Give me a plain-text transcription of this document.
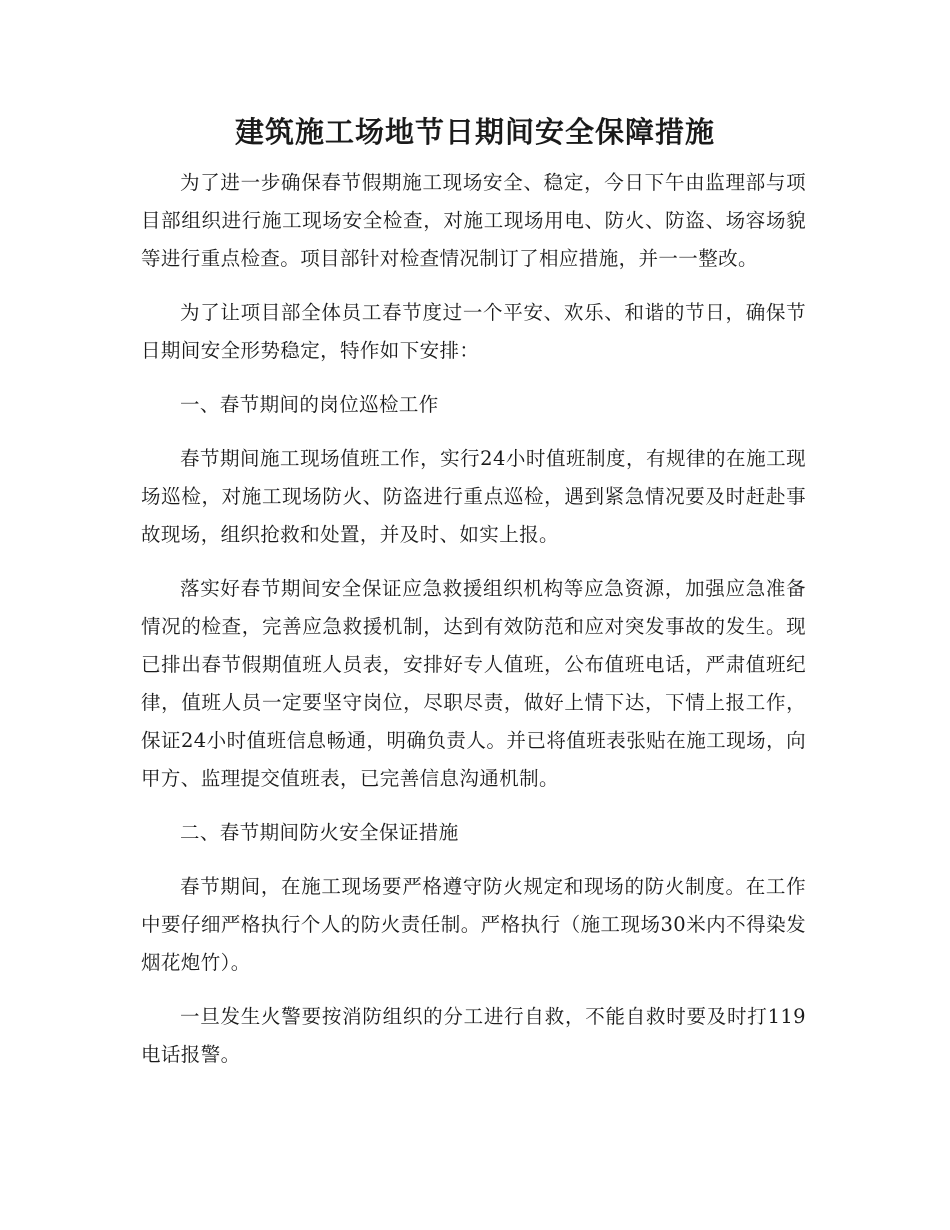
建筑施工场地节日期间安全保障措施

为了进一步确保春节假期施工现场安全、稳定，今日下午由监理部与项目部组织进行施工现场安全检查，对施工现场用电、防火、防盗、场容场貌等进行重点检查。项目部针对检查情况制订了相应措施，并一一整改。

为了让项目部全体员工春节度过一个平安、欢乐、和谐的节日，确保节日期间安全形势稳定，特作如下安排：

一、春节期间的岗位巡检工作

春节期间施工现场值班工作，实行24小时值班制度，有规律的在施工现场巡检，对施工现场防火、防盗进行重点巡检，遇到紧急情况要及时赶赴事故现场，组织抢救和处置，并及时、如实上报。

落实好春节期间安全保证应急救援组织机构等应急资源，加强应急准备情况的检查，完善应急救援机制，达到有效防范和应对突发事故的发生。现已排出春节假期值班人员表，安排好专人值班，公布值班电话，严肃值班纪律，值班人员一定要坚守岗位，尽职尽责，做好上情下达，下情上报工作，保证24小时值班信息畅通，明确负责人。并已将值班表张贴在施工现场，向甲方、监理提交值班表，已完善信息沟通机制。

二、春节期间防火安全保证措施

春节期间，在施工现场要严格遵守防火规定和现场的防火制度。在工作中要仔细严格执行个人的防火责任制。严格执行（施工现场30米内不得染发烟花炮竹）。

一旦发生火警要按消防组织的分工进行自救，不能自救时要及时打119电话报警。
